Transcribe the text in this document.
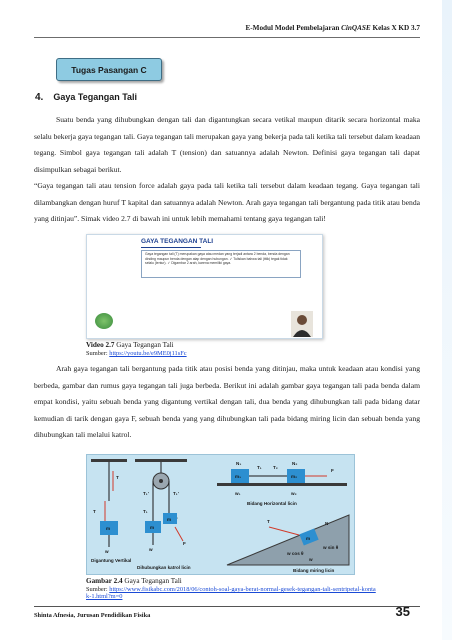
E-Modul Model Pembelajaran CinQASE Kelas X KD 3.7
Tugas Pasangan C
4. Gaya Tegangan Tali
Suatu benda yang dihubungkan dengan tali dan digantungkan secara vetikal maupun ditarik secara horizontal maka selalu bekerja gaya tegangan tali. Gaya tegangan tali merupakan gaya yang bekerja pada tali ketika tali tersebut dalam keadaan tegang. Simbol gaya tegangan tali adalah T (tension) dan satuannya adalah Newton. Definisi gaya tegangan tali dapat disimpulkan sebagai berikut.
“Gaya tegangan tali atau tension force adalah gaya pada tali ketika tali tersebut dalam keadaan tegang. Gaya tegangan tali dilambangkan dengan huruf T kapital dan satuannya adalah Newton. Arah gaya tegangan tali bergantung pada titik atau benda yang ditinjau”. Simak video 2.7 di bawah ini untuk lebih memahami tentang gaya tegangan tali!
GAYA TEGANGAN TALI
Gaya tegangan tali (T) merupakan gaya atau medan yang terjadi antara 2 benda, benda dengan dinding maupun benda dengan atap dengan hubungan. ✓ Tuliskan bahwa tali (titik) tegak tidak selalu (lentur). ✓ Digambar 2 arah, karena memiliki gaya.
Video 2.7 Gaya Tegangan Tali
Sumber: https://youtu.be/e9ME0j11sFc
Arah gaya tegangan tali bergantung pada titik atau posisi benda yang ditinjau, maka untuk keadaan atau kondisi yang berbeda, gambar dan rumus gaya tegangan tali juga berbeda. Berikut ini adalah gambar gaya tegangan tali pada benda dalam empat kondisi, yaitu sebuah benda yang digantung vertikal dengan tali, dua benda yang dihubungkan tali pada bidang datar kemudian di tarik dengan gaya F, sebuah benda yang yang dihubungkan tali pada bidang miring licin dan sebuah benda yang dihubungkan tali melalui katrol.
T
T
m
w
Digantung Vertikal
T₁'	T₁'
T₁
m
m
w
F
Dihubungkan katrol licin
m₁	m₂
T₁ T₂
F
N₁	N₂
w₁	w₂
Bidang Horizontal licin
m
T	N
w cos θ
w sin θ
w
Bidang miring licin
Gambar 2.4 Gaya Tegangan Tali
Sumber: https://www.fisikabc.com/2018/06/contoh-soal-gaya-berat-normal-gesek-tegangan-tali-sentripetal-kontak-1.html?m=0
Shinta Afnesia, Jurusan Pendidikan Fisika	35
